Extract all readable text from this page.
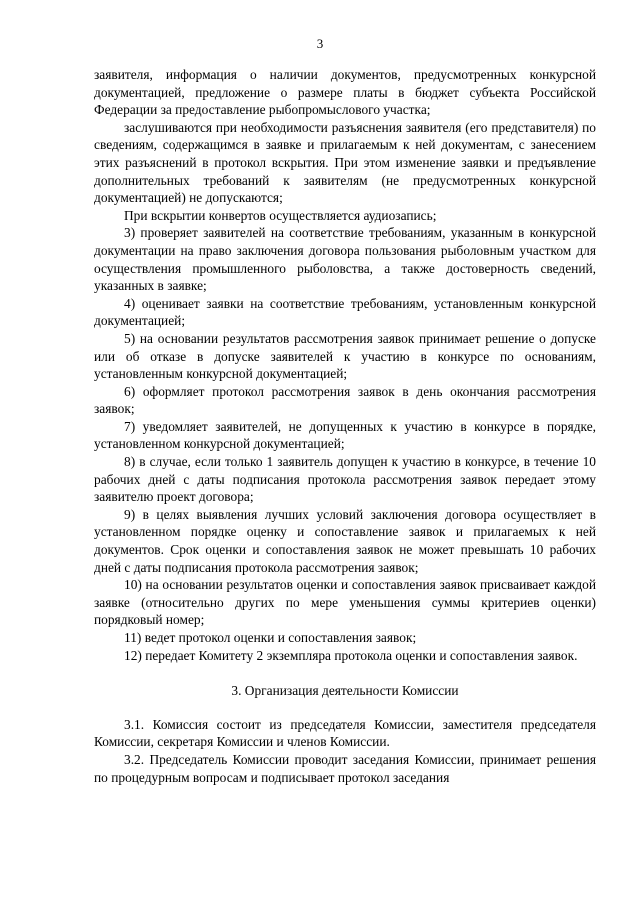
3

заявителя, информация о наличии документов, предусмотренных конкурсной документацией, предложение о размере платы в бюджет субъекта Российской Федерации за предоставление рыбопромыслового участка;

заслушиваются при необходимости разъяснения заявителя (его представителя) по сведениям, содержащимся в заявке и прилагаемым к ней документам, с занесением этих разъяснений в протокол вскрытия. При этом изменение заявки и предъявление дополнительных требований к заявителям (не предусмотренных конкурсной документацией) не допускаются;

При вскрытии конвертов осуществляется аудиозапись;

3) проверяет заявителей на соответствие требованиям, указанным в конкурсной документации на право заключения договора пользования рыболовным участком для осуществления промышленного рыболовства, а также достоверность сведений, указанных в заявке;

4) оценивает заявки на соответствие требованиям, установленным конкурсной документацией;

5) на основании результатов рассмотрения заявок принимает решение о допуске или об отказе в допуске заявителей к участию в конкурсе по основаниям, установленным конкурсной документацией;

6) оформляет протокол рассмотрения заявок в день окончания рассмотрения заявок;

7) уведомляет заявителей, не допущенных к участию в конкурсе в порядке, установленном конкурсной документацией;

8) в случае, если только 1 заявитель допущен к участию в конкурсе, в течение 10 рабочих дней с даты подписания протокола рассмотрения заявок передает этому заявителю проект договора;

9) в целях выявления лучших условий заключения договора осуществляет в установленном порядке оценку и сопоставление заявок и прилагаемых к ней документов. Срок оценки и сопоставления заявок не может превышать 10 рабочих дней с даты подписания протокола рассмотрения заявок;

10) на основании результатов оценки и сопоставления заявок присваивает каждой заявке (относительно других по мере уменьшения суммы критериев оценки) порядковый номер;

11) ведет протокол оценки и сопоставления заявок;

12) передает Комитету 2 экземпляра протокола оценки и сопоставления заявок.

3. Организация деятельности Комиссии

3.1. Комиссия состоит из председателя Комиссии, заместителя председателя Комиссии, секретаря Комиссии и членов Комиссии.

3.2. Председатель Комиссии проводит заседания Комиссии, принимает решения по процедурным вопросам и подписывает протокол заседания
